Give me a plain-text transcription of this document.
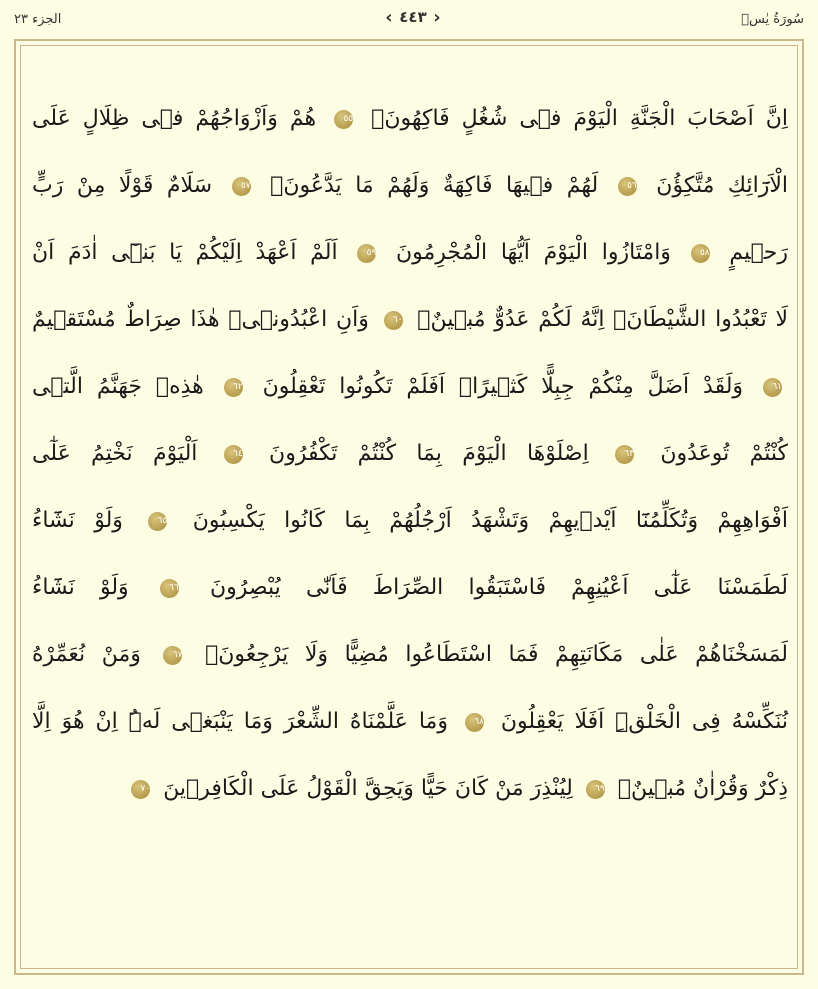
الجزء ٢٣	سُورَةُ يٰسۤ
‹ ٤٤٣ ›
اِنَّ اَصْحَابَ الْجَنَّةِ الْيَوْمَ فٖى شُغُلٍ فَاكِهُونَۚ ٥٥ هُمْ وَاَزْوَاجُهُمْ فٖى ظِلَالٍ عَلَى
الْاَرَٓائِكِ مُتَّكِؤُنَ ٥٦ لَهُمْ فٖيهَا فَاكِهَةٌ وَلَهُمْ مَا يَدَّعُونَۚ ٥٧ سَلَامٌ قَوْلًا مِنْ رَبٍّ
رَحٖيمٍ ٥٨ وَامْتَازُوا الْيَوْمَ اَيُّهَا الْمُجْرِمُونَ ٥٩ اَلَمْ اَعْهَدْ اِلَيْكُمْ يَا بَنٖٓى اٰدَمَ اَنْ
لَا تَعْبُدُوا الشَّيْطَانَۚ اِنَّهُ لَكُمْ عَدُوٌّ مُبٖينٌۙ ٦٠ وَاَنِ اعْبُدُونٖىۜ هٰذَا صِرَاطٌ مُسْتَقٖيمٌ
٦١ وَلَقَدْ اَضَلَّ مِنْكُمْ جِبِلًّا كَثٖيرًاۜ اَفَلَمْ تَكُونُوا تَعْقِلُونَ ٦٢ هٰذِهٖ جَهَنَّمُ الَّتٖى
كُنْتُمْ تُوعَدُونَ ٦٣ اِصْلَوْهَا الْيَوْمَ بِمَا كُنْتُمْ تَكْفُرُونَ ٦٤ اَلْيَوْمَ نَخْتِمُ عَلٰٓى
اَفْوَاهِهِمْ وَتُكَلِّمُنَٓا اَيْدٖيهِمْ وَتَشْهَدُ اَرْجُلُهُمْ بِمَا كَانُوا يَكْسِبُونَ ٦٥ وَلَوْ نَشَٓاءُ
لَطَمَسْنَا عَلٰٓى اَعْيُنِهِمْ فَاسْتَبَقُوا الصِّرَاطَ فَاَنّٰى يُبْصِرُونَ ٦٦ وَلَوْ نَشَٓاءُ
لَمَسَخْنَاهُمْ عَلٰى مَكَانَتِهِمْ فَمَا اسْتَطَاعُوا مُضِيًّا وَلَا يَرْجِعُونَۚ ٦٧ وَمَنْ نُعَمِّرْهُ
نُنَكِّسْهُ فِى الْخَلْقِۜ اَفَلَا يَعْقِلُونَ ٦٨ وَمَا عَلَّمْنَاهُ الشِّعْرَ وَمَا يَنْبَغٖى لَهُۜ اِنْ هُوَ اِلَّا
ذِكْرٌ وَقُرْاٰنٌ مُبٖينٌۙ ٦٩ لِيُنْذِرَ مَنْ كَانَ حَيًّا وَيَحِقَّ الْقَوْلُ عَلَى الْكَافِرٖينَ ٧٠
